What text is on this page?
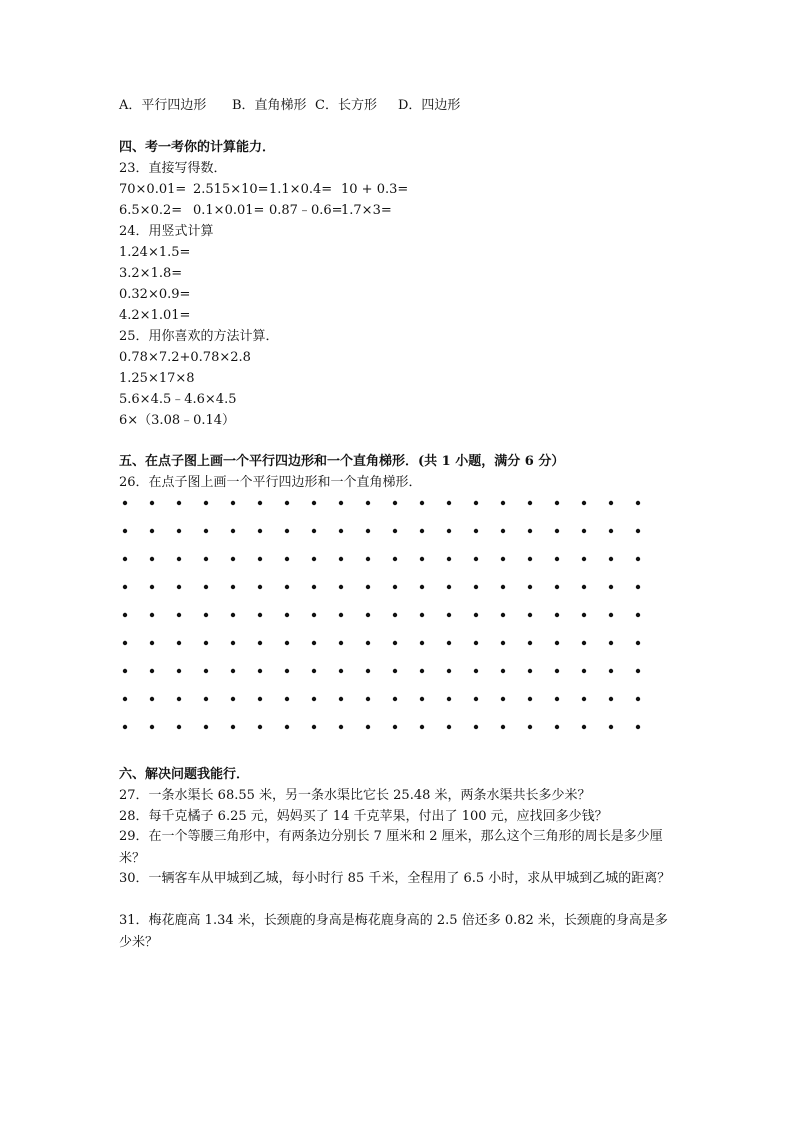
A．平行四边形	B．直角梯形 C．长方形	D．四边形
四、考一考你的计算能力．
23．直接写得数．
70×0.01= 2.515×10= 1.1×0.4= 10 + 0.3=
6.5×0.2= 0.1×0.01= 0.87﹣0.6=
1.7×3=
24．用竖式计算
1.24×1.5=
3.2×1.8=
0.32×0.9=
4.2×1.01=
25．用你喜欢的方法计算．
0.78×7.2+0.78×2.8
1.25×17×8
5.6×4.5﹣4.6×4.5
6×（3.08﹣0.14）
五、在点子图上画一个平行四边形和一个直角梯形．(共 1 小题，满分 6 分）
26．在点子图上画一个平行四边形和一个直角梯形．
六、解决问题我能行．
27．一条水渠长 68.55 米，另一条水渠比它长 25.48 米，两条水渠共长多少米？
28．每千克橘子 6.25 元，妈妈买了 14 千克苹果，付出了 100 元，应找回多少钱？
29．在一个等腰三角形中，有两条边分别长 7 厘米和 2 厘米，那么这个三角形的周长是多少厘米？
30．一辆客车从甲城到乙城，每小时行 85 千米，全程用了 6.5 小时，求从甲城到乙城的距离？
31．梅花鹿高 1.34 米，长颈鹿的身高是梅花鹿身高的 2.5 倍还多 0.82 米，长颈鹿的身高是多少米？
